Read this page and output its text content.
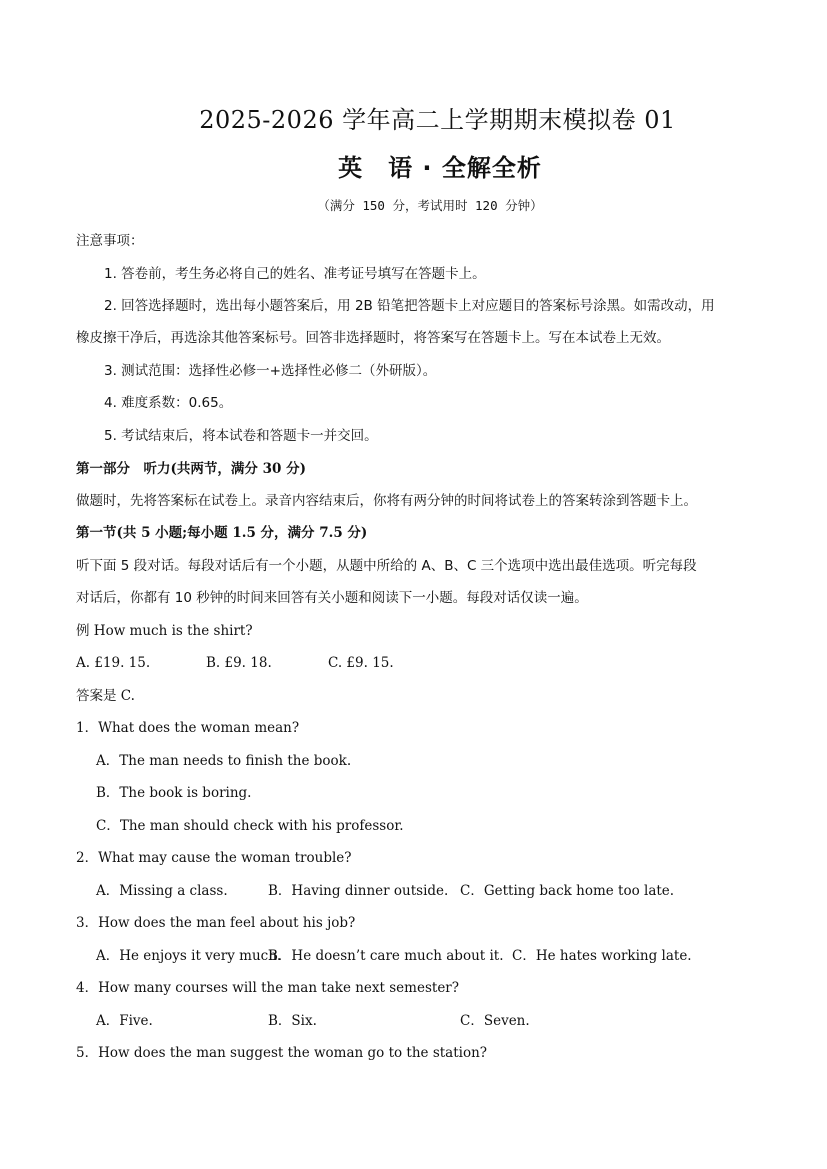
2025-2026 学年高二上学期期末模拟卷 01
英　语 · 全解全析
（满分 150 分，考试用时 120 分钟）
注意事项：
1. 答卷前，考生务必将自己的姓名、准考证号填写在答题卡上。
2. 回答选择题时，选出每小题答案后，用 2B 铅笔把答题卡上对应题目的答案标号涂黑。如需改动，用
橡皮擦干净后，再选涂其他答案标号。回答非选择题时，将答案写在答题卡上。写在本试卷上无效。
3. 测试范围：选择性必修一+选择性必修二（外研版）。
4. 难度系数：0.65。
5. 考试结束后，将本试卷和答题卡一并交回。
第一部分　听力(共两节，满分 30 分)
做题时，先将答案标在试卷上。录音内容结束后，你将有两分钟的时间将试卷上的答案转涂到答题卡上。
第一节(共 5 小题;每小题 1.5 分，满分 7.5 分)
听下面 5 段对话。每段对话后有一个小题，从题中所给的 A、B、C 三个选项中选出最佳选项。听完每段
对话后，你都有 10 秒钟的时间来回答有关小题和阅读下一小题。每段对话仅读一遍。
例 How much is the shirt?
A. £19. 15.	B. £9. 18.	C. £9. 15.
答案是 C.
1．What does the woman mean?
A．The man needs to finish the book.
B．The book is boring.
C．The man should check with his professor.
2．What may cause the woman trouble?
A．Missing a class.	B．Having dinner outside. C．Getting back home too late.
3．How does the man feel about his job?
A．He enjoys it very much.
B．He doesn’t care much about it. C．He hates working late.
4．How many courses will the man take next semester?
A．Five.	B．Six.	C．Seven.
5．How does the man suggest the woman go to the station?
